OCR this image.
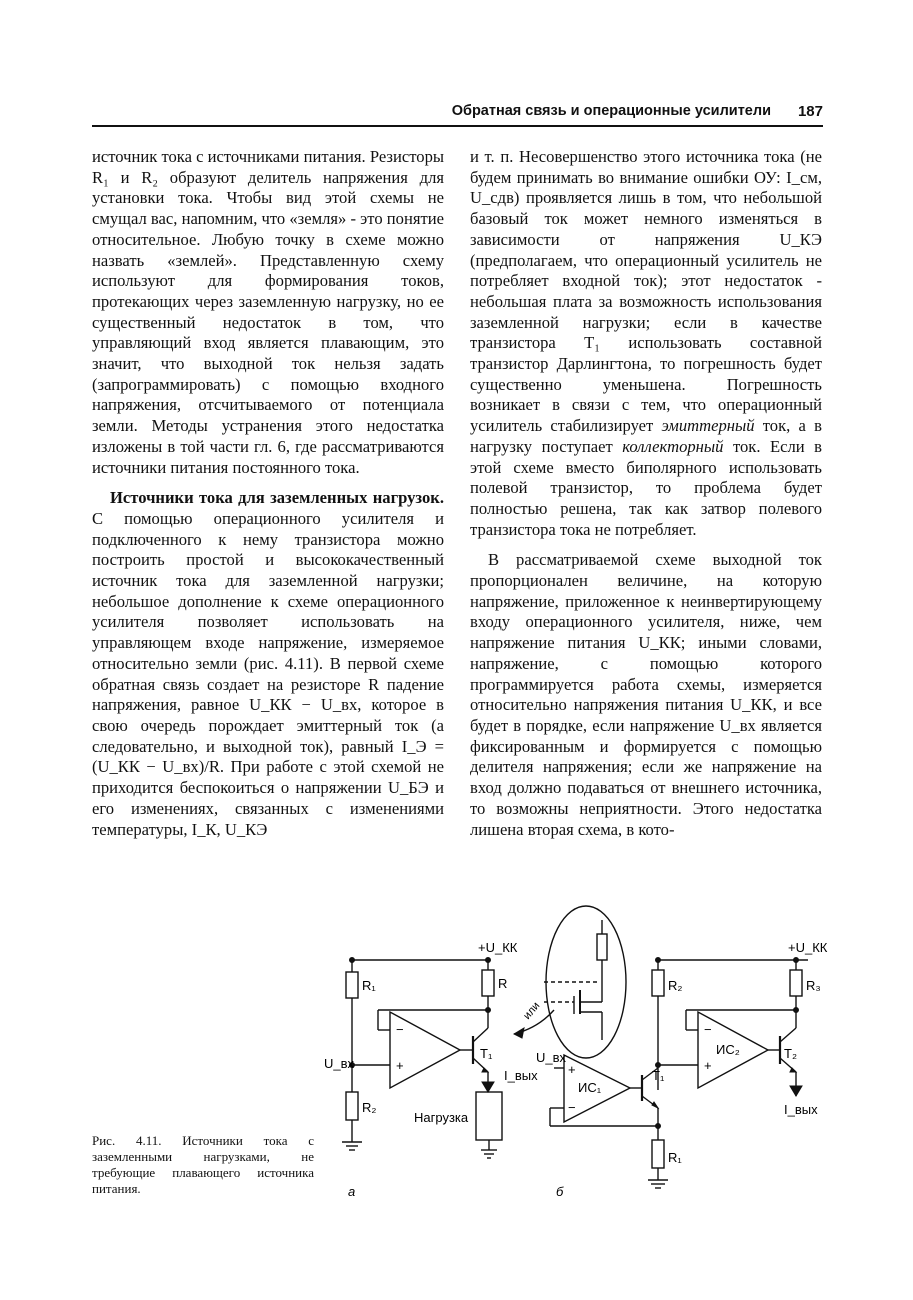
Обратная связь и операционные усилители 187

источник тока с источниками питания. Резисторы R₁ и R₂ образуют делитель напряжения для установки тока. Чтобы вид этой схемы не смущал вас, напомним, что «земля» - это понятие относительное. Любую точку в схеме можно назвать «землей». Представленную схему используют для формирования токов, протекающих через заземленную нагрузку, но ее существенный недостаток в том, что управляющий вход является плавающим, это значит, что выходной ток нельзя задать (запрограммировать) с помощью входного напряжения, отсчитываемого от потенциала земли. Методы устранения этого недостатка изложены в той части гл. 6, где рассматриваются источники питания постоянного тока.

Источники тока для заземленных нагрузок. С помощью операционного усилителя и подключенного к нему транзистора можно построить простой и высококачественный источник тока для заземленной нагрузки; небольшое дополнение к схеме операционного усилителя позволяет использовать на управляющем входе напряжение, измеряемое относительно земли (рис. 4.11). В первой схеме обратная связь создает на резисторе R падение напряжения, равное U_КК − U_вх, которое в свою очередь порождает эмиттерный ток (а следовательно, и выходной ток), равный I_Э = (U_КК − U_вх)/R. При работе с этой схемой не приходится беспокоиться о напряжении U_БЭ и его изменениях, связанных с изменениями температуры, I_К, U_КЭ

и т. п. Несовершенство этого источника тока (не будем принимать во внимание ошибки ОУ: I_см, U_сдв) проявляется лишь в том, что небольшой базовый ток может немного изменяться в зависимости от напряжения U_КЭ (предполагаем, что операционный усилитель не потребляет входной ток); этот недостаток - небольшая плата за возможность использования заземленной нагрузки; если в качестве транзистора T₁ использовать составной транзистор Дарлингтона, то погрешность будет существенно уменьшена. Погрешность возникает в связи с тем, что операционный усилитель стабилизирует эмиттерный ток, а в нагрузку поступает коллекторный ток. Если в этой схеме вместо биполярного использовать полевой транзистор, то проблема будет полностью решена, так как затвор полевого транзистора тока не потребляет.

В рассматриваемой схеме выходной ток пропорционален величине, на которую напряжение, приложенное к неинвертирующему входу операционного усилителя, ниже, чем напряжение питания U_КК; иными словами, напряжение, с помощью которого программируется работа схемы, измеряется относительно напряжения питания U_КК, и все будет в порядке, если напряжение U_вх является фиксированным и формируется с помощью делителя напряжения; если же напряжение на вход должно подаваться от внешнего источника, то возможны неприятности. Этого недостатка лишена вторая схема, в кото-

Рис. 4.11. Источники тока с заземленными нагрузками, не требующие плавающего источника питания.
+U_КК
R₁	R
U_вх
R₂
T₁
I_вых
Нагрузка
−
+
а
+U_КК
R₂	R₃
ИС₂
−
+
T₂
I_вых
U_вх
ИС₁
+
−
T₁
R₁
или
б
